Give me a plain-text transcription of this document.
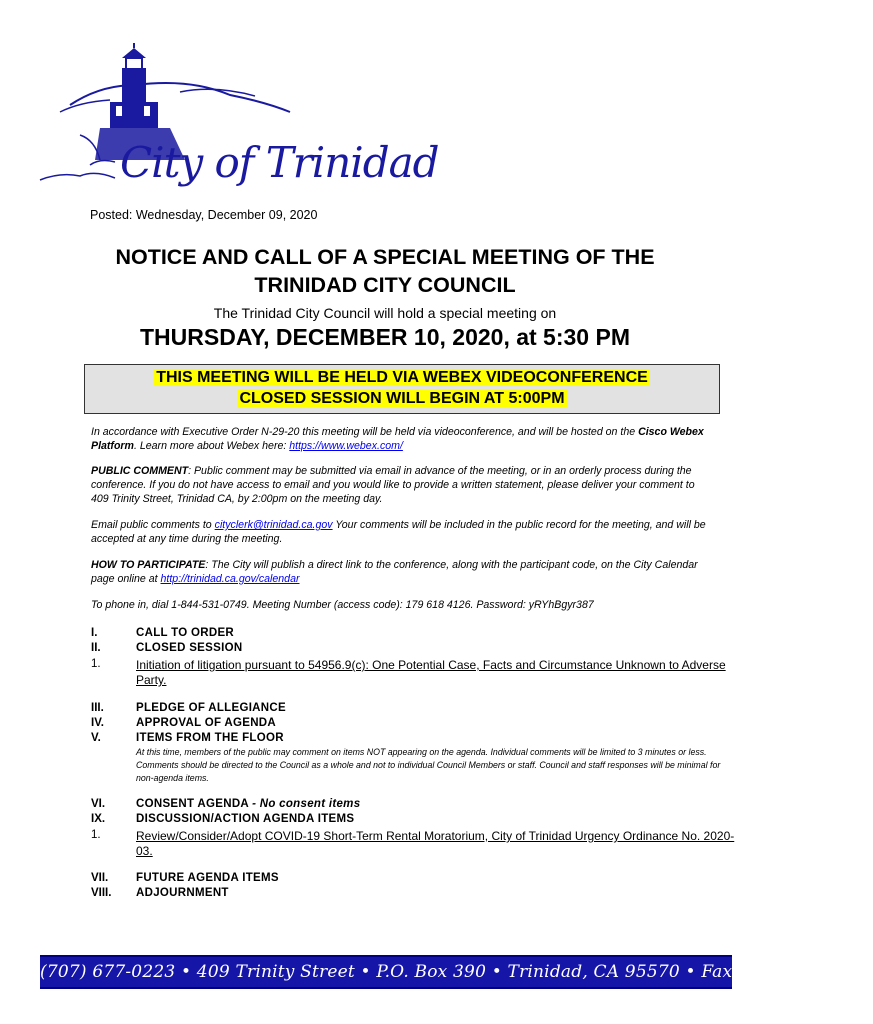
City of Trinidad
Posted: Wednesday, December 09, 2020
NOTICE AND CALL OF A SPECIAL MEETING OF THE
TRINIDAD CITY COUNCIL
The Trinidad City Council will hold a special meeting on
THURSDAY, DECEMBER 10, 2020, at 5:30 PM
THIS MEETING WILL BE HELD VIA WEBEX VIDEOCONFERENCE
CLOSED SESSION WILL BEGIN AT 5:00PM
In accordance with Executive Order N-29-20 this meeting will be held via videoconference, and will be hosted on the Cisco Webex Platform. Learn more about Webex here: https://www.webex.com/
PUBLIC COMMENT: Public comment may be submitted via email in advance of the meeting, or in an orderly process during the conference. If you do not have access to email and you would like to provide a written statement, please deliver your comment to 409 Trinity Street, Trinidad CA, by 2:00pm on the meeting day.
Email public comments to cityclerk@trinidad.ca.gov Your comments will be included in the public record for the meeting, and will be accepted at any time during the meeting.
HOW TO PARTICIPATE: The City will publish a direct link to the conference, along with the participant code, on the City Calendar page online at http://trinidad.ca.gov/calendar
To phone in, dial 1-844-531-0749. Meeting Number (access code): 179 618 4126. Password: yRYhBgyr387
I.	CALL TO ORDER
II.	CLOSED SESSION
1.	Initiation of litigation pursuant to 54956.9(c): One Potential Case, Facts and Circumstance Unknown to Adverse Party.
III.	PLEDGE OF ALLEGIANCE
IV.	APPROVAL OF AGENDA
V.	ITEMS FROM THE FLOOR
At this time, members of the public may comment on items NOT appearing on the agenda. Individual comments will be limited to 3 minutes or less. Comments should be directed to the Council as a whole and not to individual Council Members or staff. Council and staff responses will be minimal for non-agenda items.
VI.	CONSENT AGENDA - No consent items
IX.	DISCUSSION/ACTION AGENDA ITEMS
1.	Review/Consider/Adopt COVID-19 Short-Term Rental Moratorium, City of Trinidad Urgency Ordinance No. 2020-03.
VII. FUTURE AGENDA ITEMS
VIII. ADJOURNMENT
(707) 677-0223 • 409 Trinity Street • P.O. Box 390 • Trinidad, CA 95570 • Fax (707) 677-3759
